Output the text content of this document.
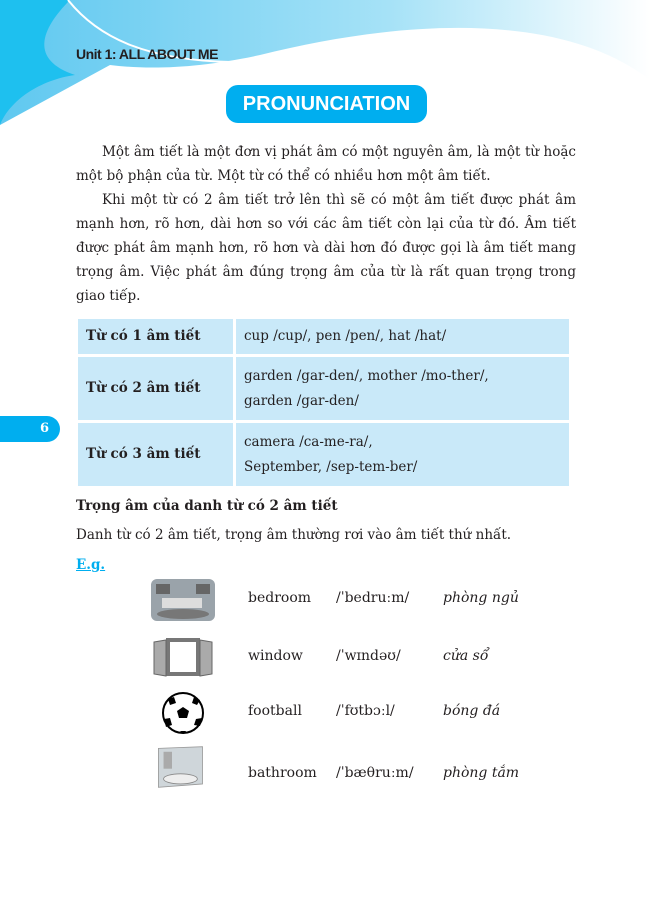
Unit 1: ALL ABOUT ME
PRONUNCIATION
Một âm tiết là một đơn vị phát âm có một nguyên âm, là một từ hoặc một bộ phận của từ. Một từ có thể có nhiều hơn một âm tiết.
Khi một từ có 2 âm tiết trở lên thì sẽ có một âm tiết được phát âm mạnh hơn, rõ hơn, dài hơn so với các âm tiết còn lại của từ đó. Âm tiết được phát âm mạnh hơn, rõ hơn và dài hơn đó được gọi là âm tiết mang trọng âm. Việc phát âm đúng trọng âm của từ là rất quan trọng trong giao tiếp.
Từ có 1 âm tiết	cup /cup/, pen /pen/, hat /hat/

Từ có 2 âm tiết	garden /gar-den/, mother /mo-ther/,
garden /gar-den/

Từ có 3 âm tiết	camera /ca-me-ra/,
September, /sep-tem-ber/
6
Trọng âm của danh từ có 2 âm tiết
Danh từ có 2 âm tiết, trọng âm thường rơi vào âm tiết thứ nhất.
E.g.
bedroom /ˈbedruːm/ phòng ngủ
window /ˈwɪndəʊ/	cửa sổ
football /ˈfʊtbɔːl/	bóng đá
bathroom /ˈbæθruːm/ phòng tắm
